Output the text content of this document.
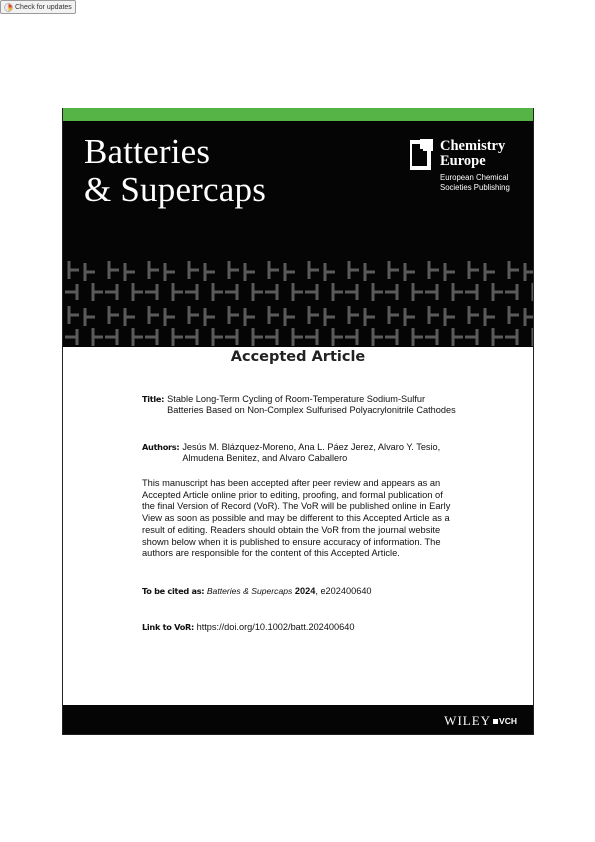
Check for updates
Batteries
& Supercaps
Chemistry
Europe
European Chemical
Societies Publishing
Accepted Article
Title: Stable Long-Term Cycling of Room-Temperature Sodium-Sulfur Batteries Based on Non-Complex Sulfurised Polyacrylonitrile Cathodes
Authors: Jesús M. Blázquez-Moreno, Ana L. Páez Jerez, Alvaro Y. Tesio, Almudena Benitez, and Alvaro Caballero
This manuscript has been accepted after peer review and appears as an Accepted Article online prior to editing, proofing, and formal publication of the final Version of Record (VoR). The VoR will be published online in Early View as soon as possible and may be different to this Accepted Article as a result of editing. Readers should obtain the VoR from the journal website shown below when it is published to ensure accuracy of information. The authors are responsible for the content of this Accepted Article.
To be cited as: Batteries & Supercaps 2024, e202400640
Link to VoR: https://doi.org/10.1002/batt.202400640
WILEY VCH
